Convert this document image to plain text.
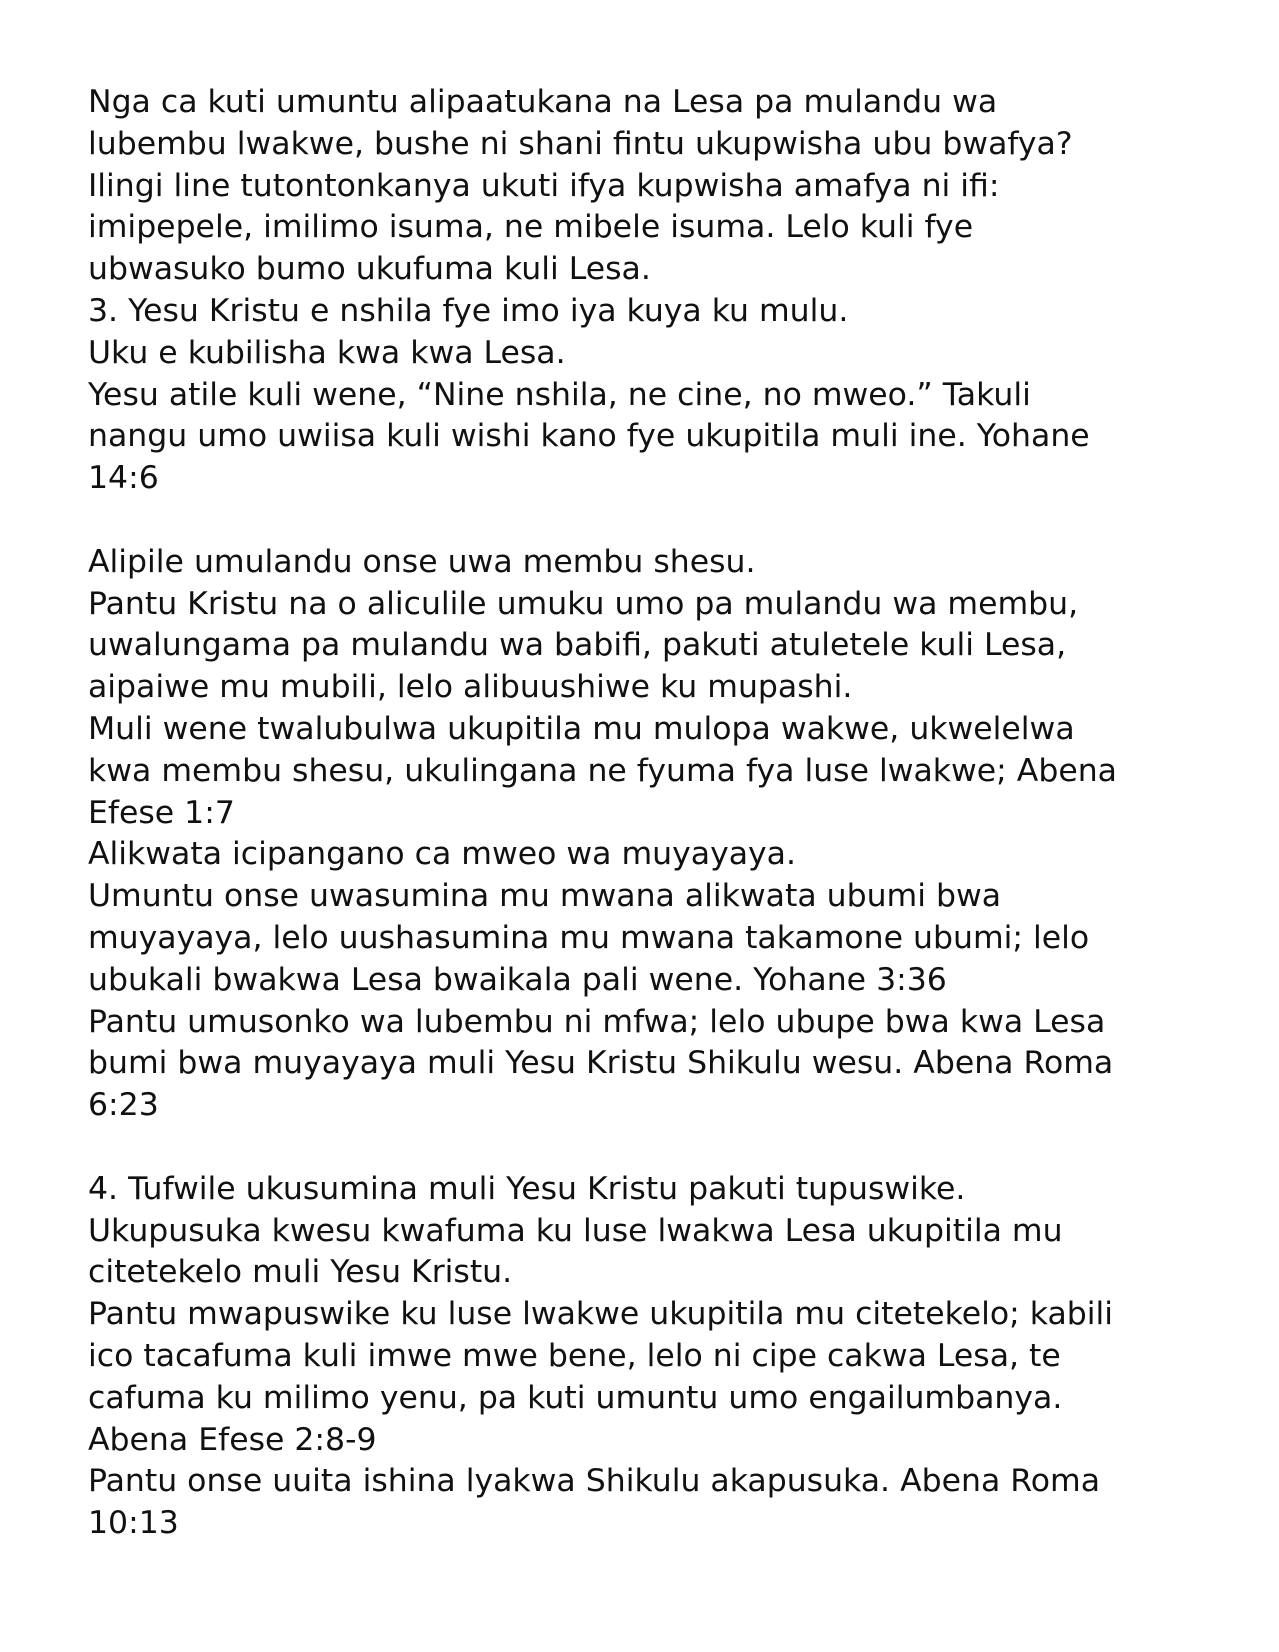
Nga ca kuti umuntu alipaatukana na Lesa pa mulandu wa
lubembu lwakwe, bushe ni shani fintu ukupwisha ubu bwafya?
Ilingi line tutontonkanya ukuti ifya kupwisha amafya ni ifi:
imipepele, imilimo isuma, ne mibele isuma. Lelo kuli fye
ubwasuko bumo ukufuma kuli Lesa.
3. Yesu Kristu e nshila fye imo iya kuya ku mulu.
Uku e kubilisha kwa kwa Lesa.
Yesu atile kuli wene, “Nine nshila, ne cine, no mweo.” Takuli
nangu umo uwiisa kuli wishi kano fye ukupitila muli ine. Yohane
14:6
Alipile umulandu onse uwa membu shesu.
Pantu Kristu na o aliculile umuku umo pa mulandu wa membu,
uwalungama pa mulandu wa babifi, pakuti atuletele kuli Lesa,
aipaiwe mu mubili, lelo alibuushiwe ku mupashi.
Muli wene twalubulwa ukupitila mu mulopa wakwe, ukwelelwa
kwa membu shesu, ukulingana ne fyuma fya luse lwakwe; Abena
Efese 1:7
Alikwata icipangano ca mweo wa muyayaya.
Umuntu onse uwasumina mu mwana alikwata ubumi bwa
muyayaya, lelo uushasumina mu mwana takamone ubumi; lelo
ubukali bwakwa Lesa bwaikala pali wene. Yohane 3:36
Pantu umusonko wa lubembu ni mfwa; lelo ubupe bwa kwa Lesa
bumi bwa muyayaya muli Yesu Kristu Shikulu wesu. Abena Roma
6:23
4. Tufwile ukusumina muli Yesu Kristu pakuti tupuswike.
Ukupusuka kwesu kwafuma ku luse lwakwa Lesa ukupitila mu
citetekelo muli Yesu Kristu.
Pantu mwapuswike ku luse lwakwe ukupitila mu citetekelo; kabili
ico tacafuma kuli imwe mwe bene, lelo ni cipe cakwa Lesa, te
cafuma ku milimo yenu, pa kuti umuntu umo engailumbanya.
Abena Efese 2:8-9
Pantu onse uuita ishina lyakwa Shikulu akapusuka. Abena Roma
10:13
